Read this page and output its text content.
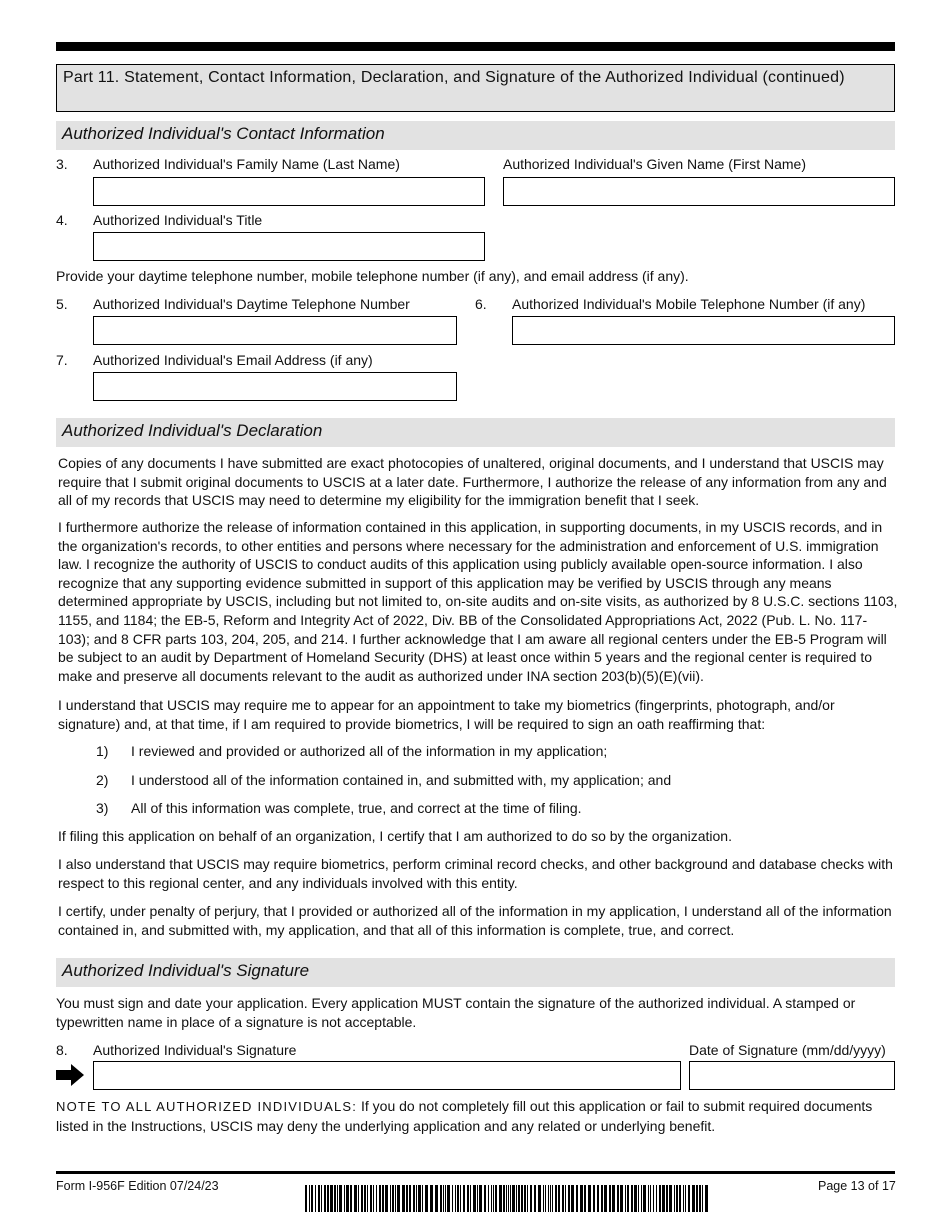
Part 11. Statement, Contact Information, Declaration, and Signature of the Authorized Individual (continued)
Authorized Individual's Contact Information
3. Authorized Individual's Family Name (Last Name)	Authorized Individual's Given Name (First Name)
4. Authorized Individual's Title
Provide your daytime telephone number, mobile telephone number (if any), and email address (if any).
5. Authorized Individual's Daytime Telephone Number	6. Authorized Individual's Mobile Telephone Number (if any)
7. Authorized Individual's Email Address (if any)
Authorized Individual's Declaration
Copies of any documents I have submitted are exact photocopies of unaltered, original documents, and I understand that USCIS may require that I submit original documents to USCIS at a later date. Furthermore, I authorize the release of any information from any and all of my records that USCIS may need to determine my eligibility for the immigration benefit that I seek.
I furthermore authorize the release of information contained in this application, in supporting documents, in my USCIS records, and in the organization's records, to other entities and persons where necessary for the administration and enforcement of U.S. immigration law. I recognize the authority of USCIS to conduct audits of this application using publicly available open-source information. I also recognize that any supporting evidence submitted in support of this application may be verified by USCIS through any means determined appropriate by USCIS, including but not limited to, on-site audits and on-site visits, as authorized by 8 U.S.C. sections 1103, 1155, and 1184; the EB-5, Reform and Integrity Act of 2022, Div. BB of the Consolidated Appropriations Act, 2022 (Pub. L. No. 117-103); and 8 CFR parts 103, 204, 205, and 214. I further acknowledge that I am aware all regional centers under the EB-5 Program will be subject to an audit by Department of Homeland Security (DHS) at least once within 5 years and the regional center is required to make and preserve all documents relevant to the audit as authorized under INA section 203(b)(5)(E)(vii).
I understand that USCIS may require me to appear for an appointment to take my biometrics (fingerprints, photograph, and/or signature) and, at that time, if I am required to provide biometrics, I will be required to sign an oath reaffirming that:
1) I reviewed and provided or authorized all of the information in my application;
2) I understood all of the information contained in, and submitted with, my application; and
3) All of this information was complete, true, and correct at the time of filing.
If filing this application on behalf of an organization, I certify that I am authorized to do so by the organization.
I also understand that USCIS may require biometrics, perform criminal record checks, and other background and database checks with respect to this regional center, and any individuals involved with this entity.
I certify, under penalty of perjury, that I provided or authorized all of the information in my application, I understand all of the information contained in, and submitted with, my application, and that all of this information is complete, true, and correct.
Authorized Individual's Signature
You must sign and date your application. Every application MUST contain the signature of the authorized individual. A stamped or typewritten name in place of a signature is not acceptable.
8. Authorized Individual's Signature	Date of Signature (mm/dd/yyyy)
NOTE TO ALL AUTHORIZED INDIVIDUALS: If you do not completely fill out this application or fail to submit required documents listed in the Instructions, USCIS may deny the underlying application and any related or underlying benefit.
Form I-956F Edition 07/24/23	Page 13 of 17
